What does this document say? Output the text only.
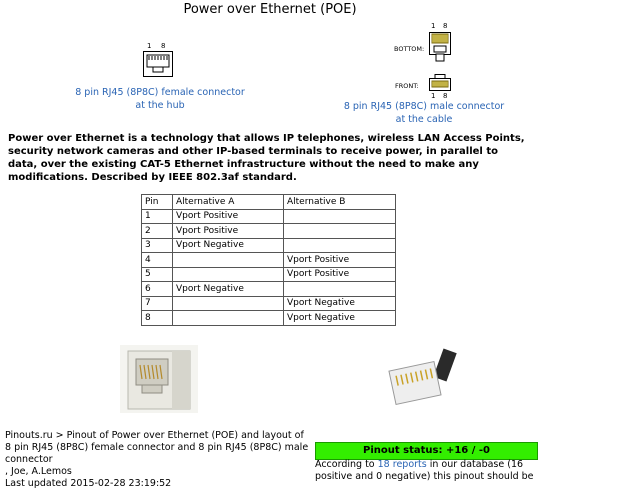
Power over Ethernet (POE)
1 8
8 pin RJ45 (8P8C) female connector
at the hub
1 8
BOTTOM:
FRONT:
1 8
8 pin RJ45 (8P8C) male connector
at the cable
Power over Ethernet is a technology that allows IP telephones, wireless LAN Access Points, security network cameras and other IP-based terminals to receive power, in parallel to data, over the existing CAT-5 Ethernet infrastructure without the need to make any modifications. Described by IEEE 802.3af standard.
Pin	Alternative A	Alternative B
1	Vport Positive	
2	Vport Positive	
3	Vport Negative	
4		Vport Positive
5		Vport Positive
6	Vport Negative	
7		Vport Negative
8		Vport Negative
Pinouts.ru > Pinout of Power over Ethernet (POE) and layout of 8 pin RJ45 (8P8C) female connector and 8 pin RJ45 (8P8C) male connector
, Joe, A.Lemos
Last updated 2015-02-28 23:19:52
Pinout status: +16 / -0
According to 18 reports in our database (16 positive and 0 negative) this pinout should be
